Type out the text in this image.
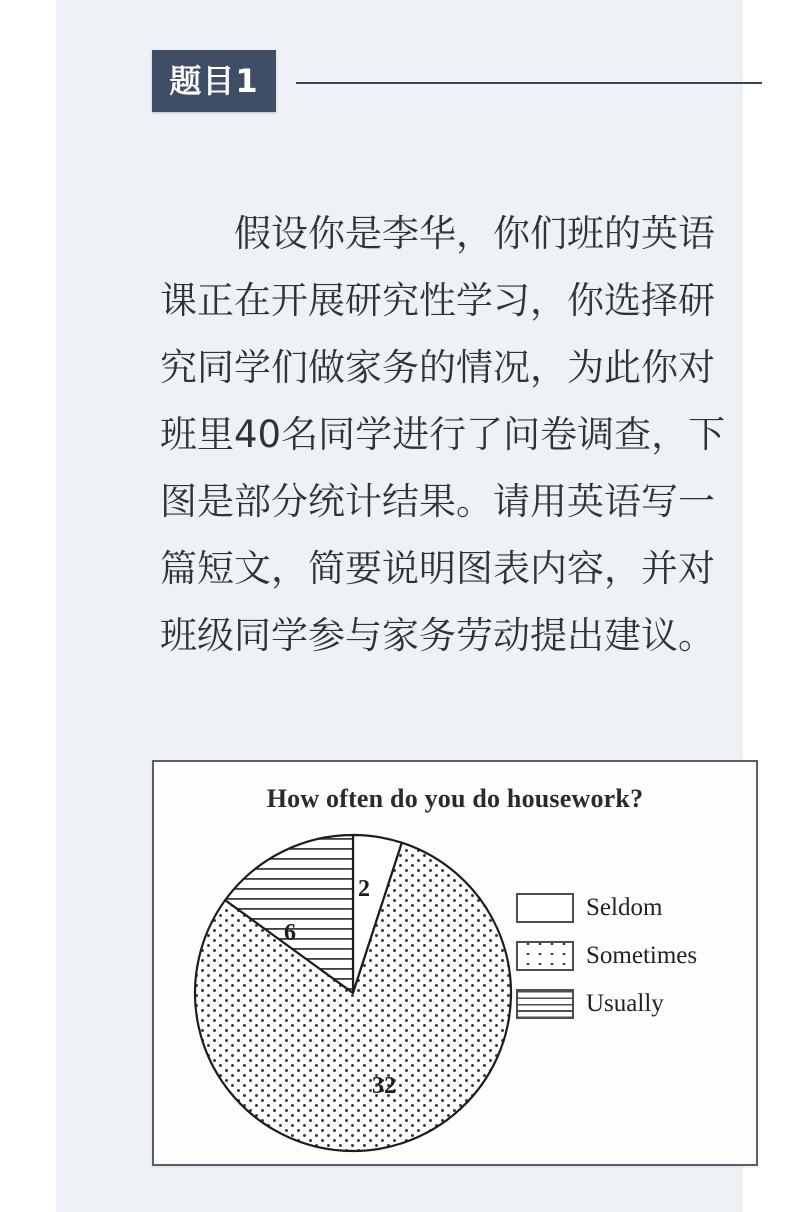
题目1
　　假设你是李华，你们班的英语
课正在开展研究性学习，你选择研
究同学们做家务的情况，为此你对
班里40名同学进行了问卷调查，下
图是部分统计结果。请用英语写一
篇短文，简要说明图表内容，并对
班级同学参与家务劳动提出建议。
How often do you do housework?
2
32
6
Seldom
Sometimes
Usually
